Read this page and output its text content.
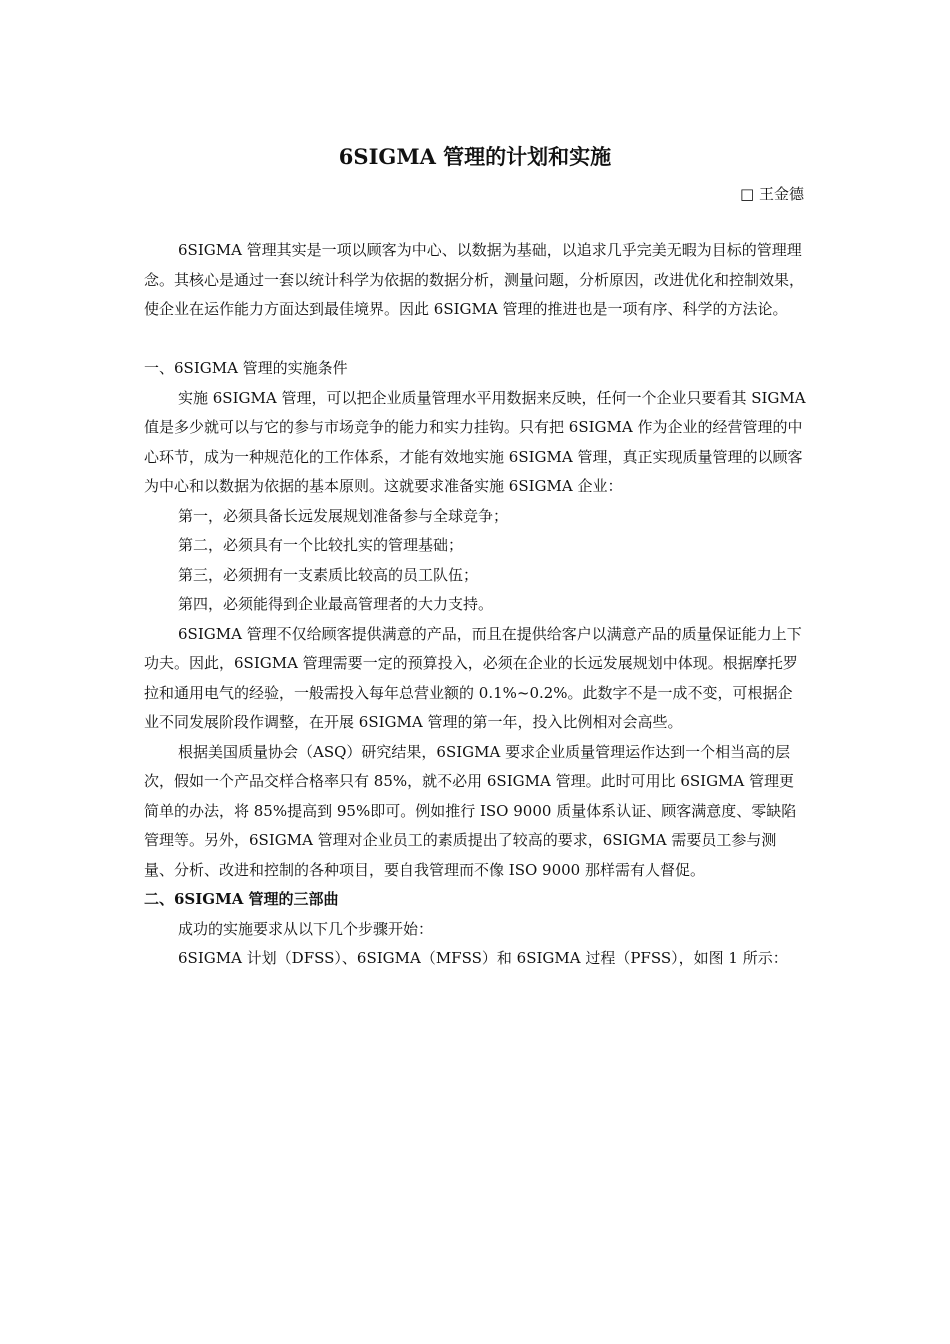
6SIGMA 管理的计划和实施
□ 王金德

6SIGMA 管理其实是一项以顾客为中心、以数据为基础，以追求几乎完美无暇为目标的管理理念。其核心是通过一套以统计科学为依据的数据分析，测量问题，分析原因，改进优化和控制效果，使企业在运作能力方面达到最佳境界。因此 6SIGMA 管理的推进也是一项有序、科学的方法论。

一、6SIGMA 管理的实施条件

实施 6SIGMA 管理，可以把企业质量管理水平用数据来反映，任何一个企业只要看其 SIGMA 值是多少就可以与它的参与市场竞争的能力和实力挂钩。只有把 6SIGMA 作为企业的经营管理的中心环节，成为一种规范化的工作体系，才能有效地实施 6SIGMA 管理，真正实现质量管理的以顾客为中心和以数据为依据的基本原则。这就要求准备实施 6SIGMA 企业：

第一，必须具备长远发展规划准备参与全球竞争；

第二，必须具有一个比较扎实的管理基础；

第三，必须拥有一支素质比较高的员工队伍；

第四，必须能得到企业最高管理者的大力支持。

6SIGMA 管理不仅给顾客提供满意的产品，而且在提供给客户以满意产品的质量保证能力上下功夫。因此，6SIGMA 管理需要一定的预算投入，必须在企业的长远发展规划中体现。根据摩托罗拉和通用电气的经验，一般需投入每年总营业额的 0.1%~0.2%。此数字不是一成不变，可根据企业不同发展阶段作调整，在开展 6SIGMA 管理的第一年，投入比例相对会高些。

根据美国质量协会（ASQ）研究结果，6SIGMA 要求企业质量管理运作达到一个相当高的层次，假如一个产品交样合格率只有 85%，就不必用 6SIGMA 管理。此时可用比 6SIGMA 管理更简单的办法，将 85%提高到 95%即可。例如推行 ISO 9000 质量体系认证、顾客满意度、零缺陷管理等。另外，6SIGMA 管理对企业员工的素质提出了较高的要求，6SIGMA 需要员工参与测量、分析、改进和控制的各种项目，要自我管理而不像 ISO 9000 那样需有人督促。

二、6SIGMA 管理的三部曲

成功的实施要求从以下几个步骤开始：

6SIGMA 计划（DFSS）、6SIGMA（MFSS）和 6SIGMA 过程（PFSS），如图 1 所示：
